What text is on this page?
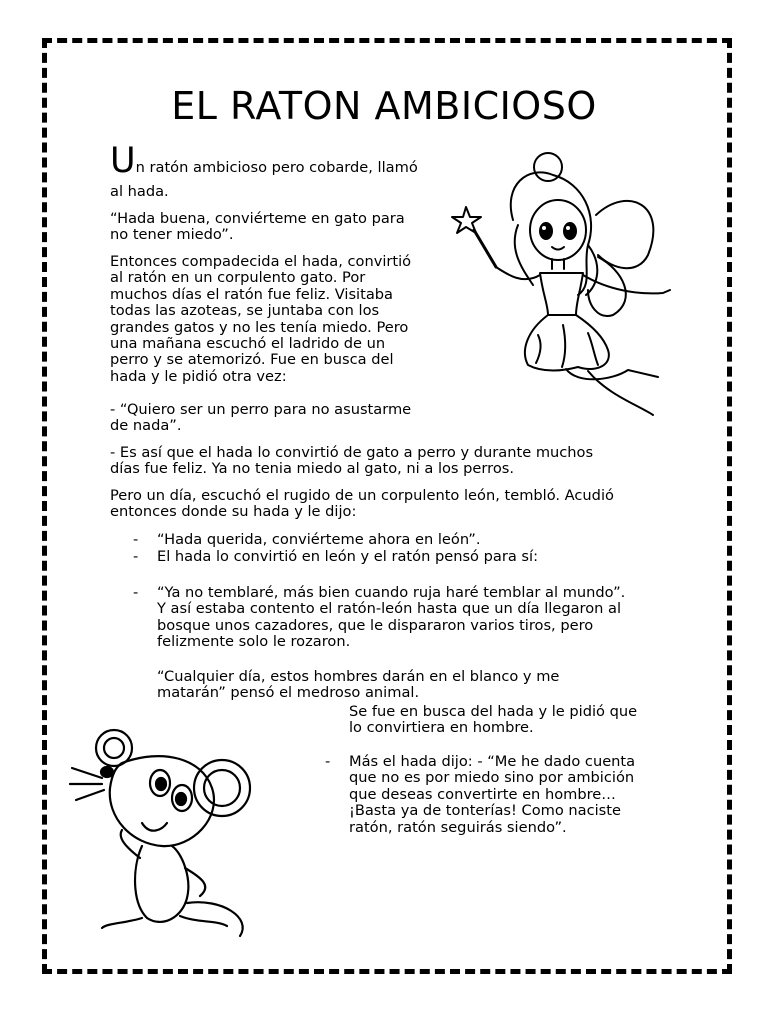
EL RATON AMBICIOSO
Un ratón ambicioso pero cobarde, llamó
al hada.
“Hada buena, conviérteme en gato para
no tener miedo”.
Entonces compadecida el hada, convirtió
al ratón en un corpulento gato. Por
muchos días el ratón fue feliz. Visitaba
todas las azoteas, se juntaba con los
grandes gatos y no les tenía miedo. Pero
una mañana escuchó el ladrido de un
perro y se atemorizó. Fue en busca del
hada y le pidió otra vez:
- “Quiero ser un perro para no asustarme
de nada”.
- Es así que el hada lo convirtió de gato a perro y durante muchos
días fue feliz. Ya no tenia miedo al gato, ni a los perros.
Pero un día, escuchó el rugido de un corpulento león, tembló. Acudió
entonces donde su hada y le dijo:
- “Hada querida, conviérteme ahora en león”.
- El hada lo convirtió en león y el ratón pensó para sí:
- “Ya no temblaré, más bien cuando ruja haré temblar al mundo”.
Y así estaba contento el ratón-león hasta que un día llegaron al
bosque unos cazadores, que le dispararon varios tiros, pero
felizmente solo le rozaron.
“Cualquier día, estos hombres darán en el blanco y me
matarán” pensó el medroso animal.
Se fue en busca del hada y le pidió que
lo convirtiera en hombre.
- Más el hada dijo: - “Me he dado cuenta
que no es por miedo sino por ambición
que deseas convertirte en hombre…
¡Basta ya de tonterías! Como naciste
ratón, ratón seguirás siendo”.
